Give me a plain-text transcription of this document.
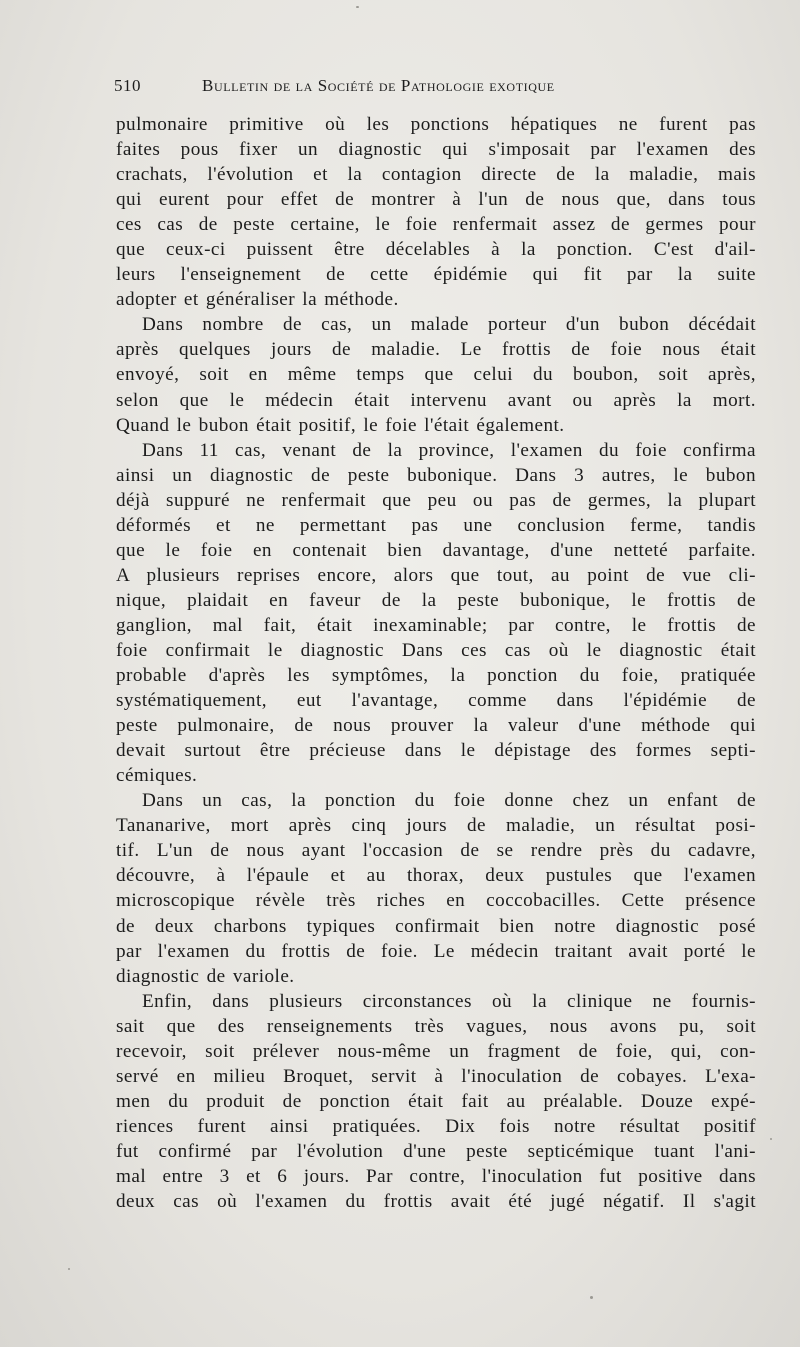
510	Bulletin de la Société de Pathologie exotique
pulmonaire primitive où les ponctions hépatiques ne furent pas
faites pous fixer un diagnostic qui s'imposait par l'examen des
crachats, l'évolution et la contagion directe de la maladie, mais
qui eurent pour effet de montrer à l'un de nous que, dans tous
ces cas de peste certaine, le foie renfermait assez de germes pour
que ceux-ci puissent être décelables à la ponction. C'est d'ail-
leurs l'enseignement de cette épidémie qui fit par la suite
adopter et généraliser la méthode.
Dans nombre de cas, un malade porteur d'un bubon décédait
après quelques jours de maladie. Le frottis de foie nous était
envoyé, soit en même temps que celui du boubon, soit après,
selon que le médecin était intervenu avant ou après la mort.
Quand le bubon était positif, le foie l'était également.
Dans 11 cas, venant de la province, l'examen du foie confirma
ainsi un diagnostic de peste bubonique. Dans 3 autres, le bubon
déjà suppuré ne renfermait que peu ou pas de germes, la plupart
déformés et ne permettant pas une conclusion ferme, tandis
que le foie en contenait bien davantage, d'une netteté parfaite.
A plusieurs reprises encore, alors que tout, au point de vue cli-
nique, plaidait en faveur de la peste bubonique, le frottis de
ganglion, mal fait, était inexaminable; par contre, le frottis de
foie confirmait le diagnostic Dans ces cas où le diagnostic était
probable d'après les symptômes, la ponction du foie, pratiquée
systématiquement, eut l'avantage, comme dans l'épidémie de
peste pulmonaire, de nous prouver la valeur d'une méthode qui
devait surtout être précieuse dans le dépistage des formes septi-
cémiques.
Dans un cas, la ponction du foie donne chez un enfant de
Tananarive, mort après cinq jours de maladie, un résultat posi-
tif. L'un de nous ayant l'occasion de se rendre près du cadavre,
découvre, à l'épaule et au thorax, deux pustules que l'examen
microscopique révèle très riches en coccobacilles. Cette présence
de deux charbons typiques confirmait bien notre diagnostic posé
par l'examen du frottis de foie. Le médecin traitant avait porté le
diagnostic de variole.
Enfin, dans plusieurs circonstances où la clinique ne fournis-
sait que des renseignements très vagues, nous avons pu, soit
recevoir, soit prélever nous-même un fragment de foie, qui, con-
servé en milieu Broquet, servit à l'inoculation de cobayes. L'exa-
men du produit de ponction était fait au préalable. Douze expé-
riences furent ainsi pratiquées. Dix fois notre résultat positif
fut confirmé par l'évolution d'une peste septicémique tuant l'ani-
mal entre 3 et 6 jours. Par contre, l'inoculation fut positive dans
deux cas où l'examen du frottis avait été jugé négatif. Il s'agit
